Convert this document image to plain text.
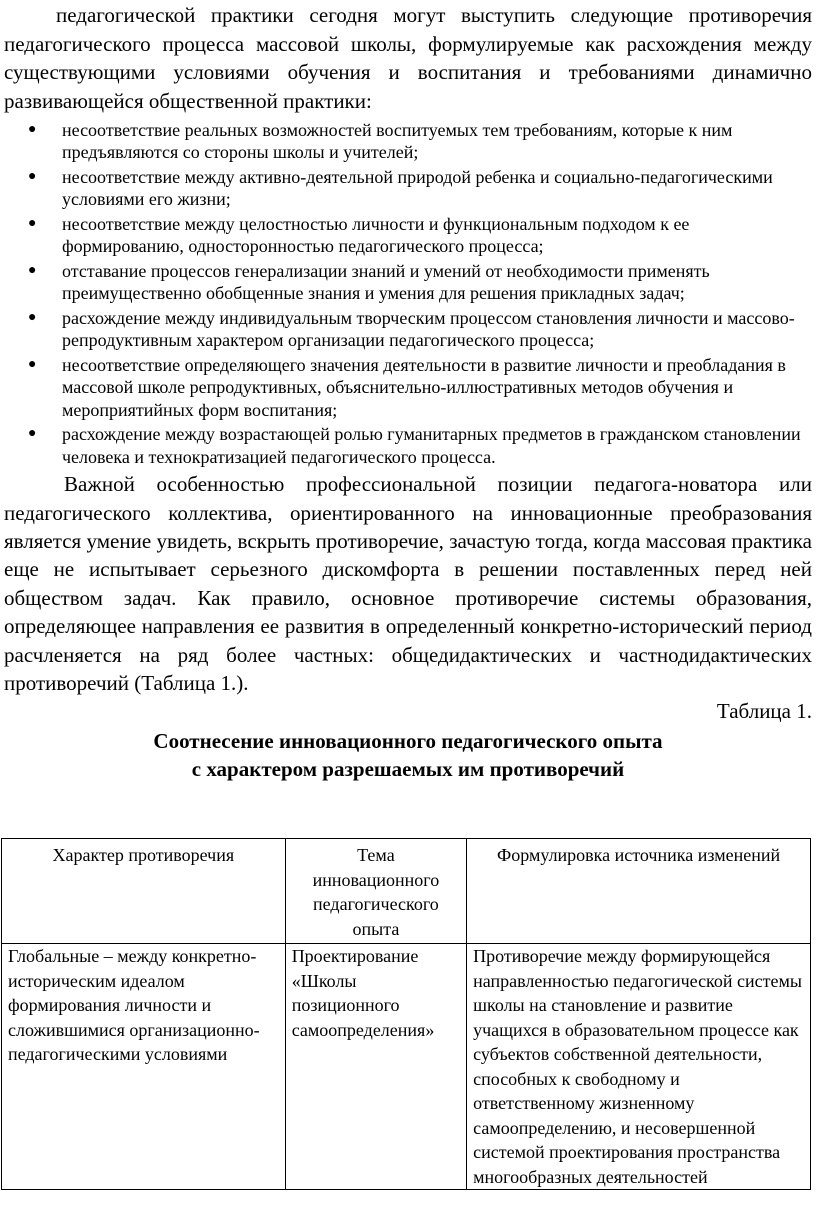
педагогической практики сегодня могут выступить следующие противоречия педагогического процесса массовой школы, формулируемые как расхождения между существующими условиями обучения и воспитания и требованиями динамично развивающейся общественной практики:

● несоответствие реальных возможностей воспитуемых тем требованиям, которые к ним предъявляются со стороны школы и учителей;
● несоответствие между активно-деятельной природой ребенка и социально-педагогическими условиями его жизни;
● несоответствие между целостностью личности и функциональным подходом к ее формированию, односторонностью педагогического процесса;
● отставание процессов генерализации знаний и умений от необходимости применять преимущественно обобщенные знания и умения для решения прикладных задач;
● расхождение между индивидуальным творческим процессом становления личности и массово-репродуктивным характером организации педагогического процесса;
● несоответствие определяющего значения деятельности в развитие личности и преобладания в массовой школе репродуктивных, объяснительно-иллюстративных методов обучения и мероприятийных форм воспитания;
● расхождение между возрастающей ролью гуманитарных предметов в гражданском становлении человека и технократизацией педагогического процесса.

Важной особенностью профессиональной позиции педагога-новатора или педагогического коллектива, ориентированного на инновационные преобразования является умение увидеть, вскрыть противоречие, зачастую тогда, когда массовая практика еще не испытывает серьезного дискомфорта в решении поставленных перед ней обществом задач. Как правило, основное противоречие системы образования, определяющее направления ее развития в определенный конкретно-исторический период расчленяется на ряд более частных: общедидактических и частнодидактических противоречий (Таблица 1.).

Таблица 1.

Соотнесение инновационного педагогического опыта
с характером разрешаемых им противоречий

Характер противоречия	Тема инновационного педагогического опыта	Формулировка источника изменений
Глобальные – между конкретно-историческим идеалом формирования личности и сложившимися организационно-педагогическими условиями	Проектирование «Школы позиционного самоопределения»	Противоречие между формирующейся направленностью педагогической системы школы на становление и развитие учащихся в образовательном процессе как субъектов собственной деятельности, способных к свободному и ответственному жизненному самоопределению, и несовершенной системой проектирования пространства многообразных деятельностей
